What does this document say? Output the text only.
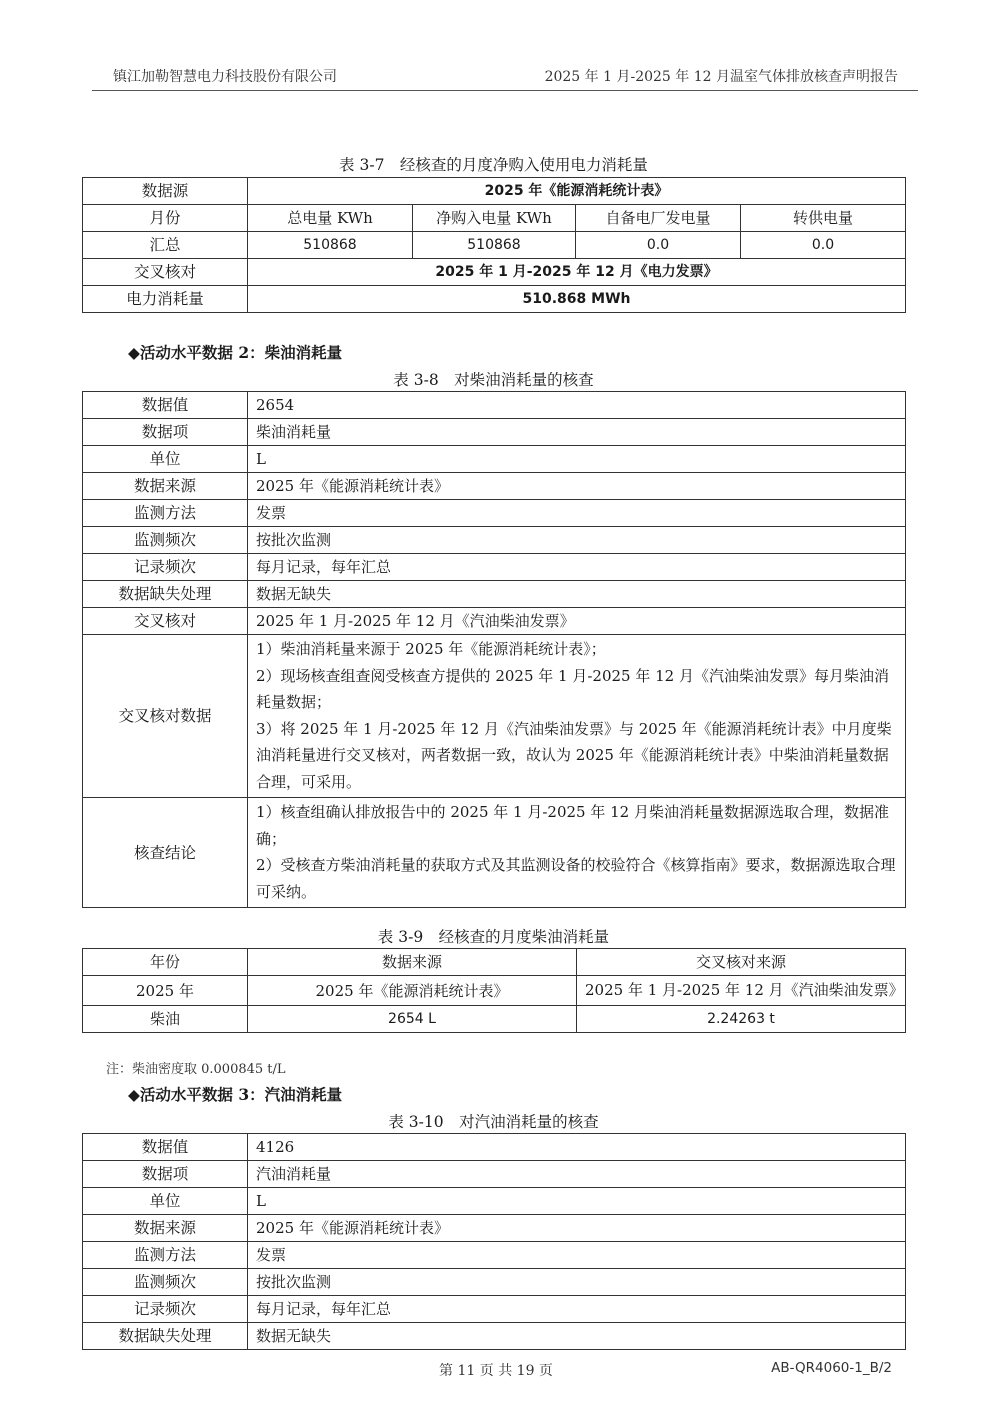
镇江加勒智慧电力科技股份有限公司	2025 年 1 月-2025 年 12 月温室气体排放核查声明报告
表 3-7　经核查的月度净购入使用电力消耗量
数据源	2025 年《能源消耗统计表》			
月份	总电量 KWh	净购入电量 KWh	自备电厂发电量	转供电量
汇总	510868	510868	0.0	0.0
交叉核对	2025 年 1 月-2025 年 12 月《电力发票》			
电力消耗量	510.868 MWh			
◆活动水平数据 2：柴油消耗量
表 3-8　对柴油消耗量的核查
数据值	2654
数据项	柴油消耗量
单位	L
数据来源	2025 年《能源消耗统计表》
监测方法	发票
监测频次	按批次监测
记录频次	每月记录，每年汇总
数据缺失处理	数据无缺失
交叉核对	2025 年 1 月-2025 年 12 月《汽油柴油发票》
交叉核对数据	1）柴油消耗量来源于 2025 年《能源消耗统计表》；
2）现场核查组查阅受核查方提供的 2025 年 1 月-2025 年 12 月《汽油柴油发票》每月柴油消耗量数据；
3）将 2025 年 1 月-2025 年 12 月《汽油柴油发票》与 2025 年《能源消耗统计表》中月度柴油消耗量进行交叉核对，两者数据一致，故认为 2025 年《能源消耗统计表》中柴油消耗量数据合理，可采用。

核查结论	1）核查组确认排放报告中的 2025 年 1 月-2025 年 12 月柴油消耗量数据源选取合理，数据准确；
2）受核查方柴油消耗量的获取方式及其监测设备的校验符合《核算指南》要求，数据源选取合理可采纳。
表 3-9　经核查的月度柴油消耗量
年份	数据来源	交叉核对来源
2025 年	2025 年《能源消耗统计表》	2025 年 1 月-2025 年 12 月《汽油柴油发票》
柴油	2654 L	2.24263 t
注：柴油密度取 0.000845 t/L
◆活动水平数据 3：汽油消耗量
表 3-10　对汽油消耗量的核查
数据值	4126
数据项	汽油消耗量
单位	L
数据来源	2025 年《能源消耗统计表》
监测方法	发票
监测频次	按批次监测
记录频次	每月记录，每年汇总
数据缺失处理	数据无缺失
第 11 页 共 19 页	AB-QR4060-1_B/2
